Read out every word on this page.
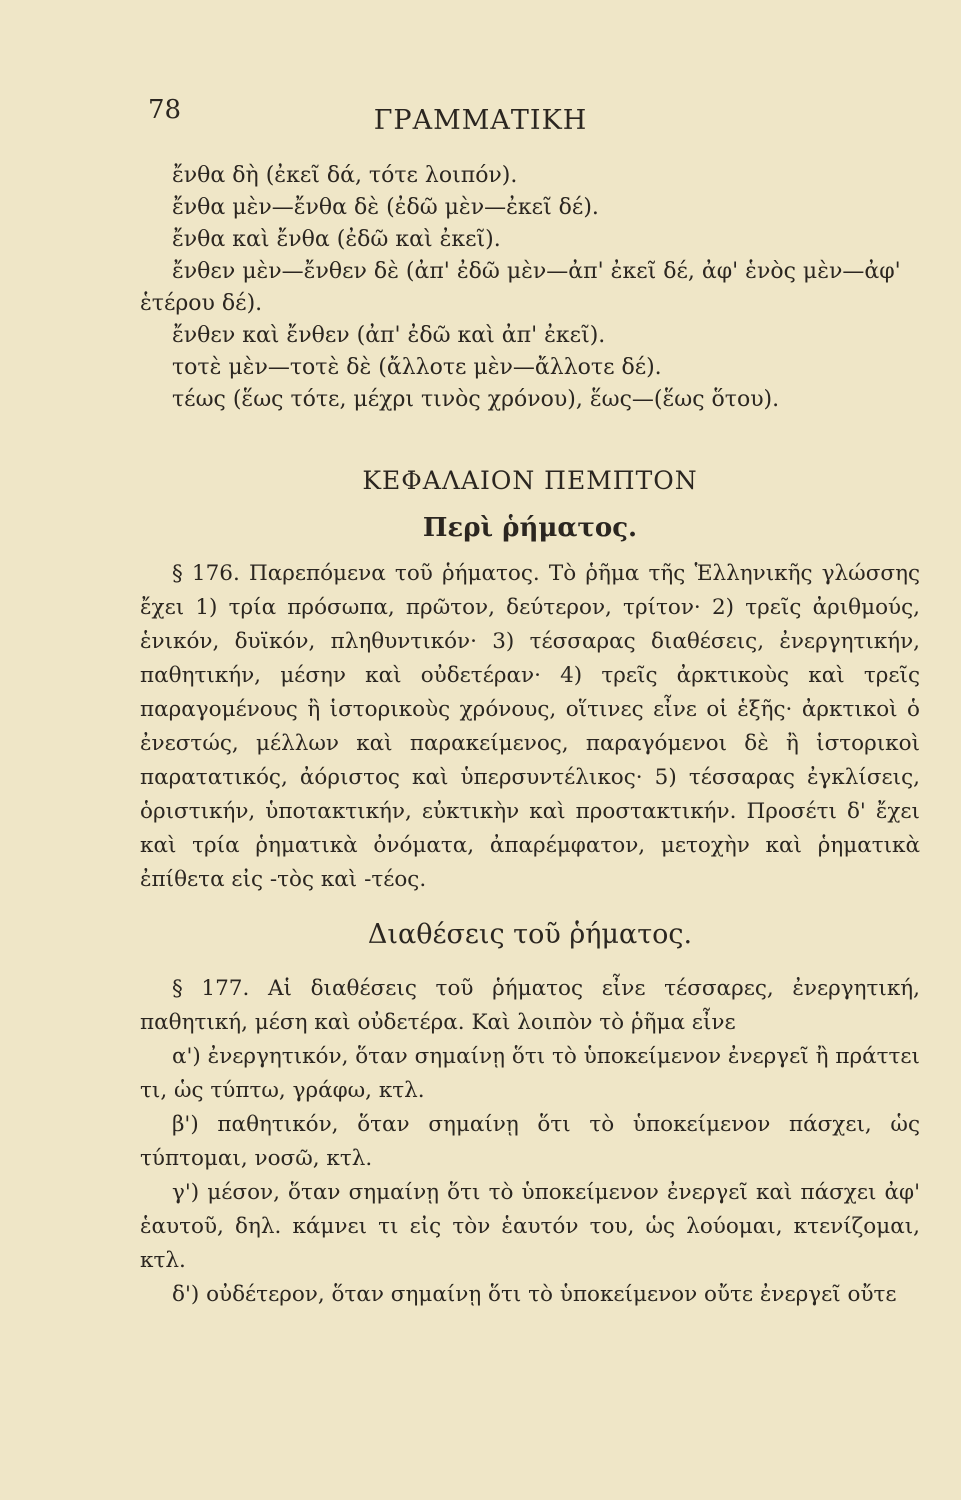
78	ΓΡΑΜΜΑΤΙΚΗ
ἔνθα δὴ (ἐκεῖ δά, τότε λοιπόν).
ἔνθα μὲν—ἔνθα δὲ (ἐδῶ μὲν—ἐκεῖ δέ).
ἔνθα καὶ ἔνθα (ἐδῶ καὶ ἐκεῖ).
ἔνθεν μὲν—ἔνθεν δὲ (ἀπ' ἐδῶ μὲν—ἀπ' ἐκεῖ δέ, ἀφ' ἑνὸς μὲν—ἀφ'
ἑτέρου δέ).
ἔνθεν καὶ ἔνθεν (ἀπ' ἐδῶ καὶ ἀπ' ἐκεῖ).
τοτὲ μὲν—τοτὲ δὲ (ἄλλοτε μὲν—ἄλλοτε δέ).
τέως (ἕως τότε, μέχρι τινὸς χρόνου), ἕως—(ἕως ὅτου).
ΚΕΦΑΛΑΙΟΝ ΠΕΜΠΤΟΝ
Περὶ ῥήματος.

§ 176. Παρεπόμενα τοῦ ῥήματος. Τὸ ῥῆμα τῆς Ἑλληνικῆς γλώσσης ἔχει 1) τρία πρόσωπα, πρῶτον, δεύτερον, τρίτον· 2) τρεῖς ἀριθμούς, ἑνικόν, δυϊκόν, πληθυντικόν· 3) τέσσαρας διαθέσεις, ἐνεργητικήν, παθητικήν, μέσην καὶ οὐδετέραν· 4) τρεῖς ἀρκτικοὺς καὶ τρεῖς παραγομένους ἢ ἱστορικοὺς χρόνους, οἵτινες εἶνε οἱ ἑξῆς· ἀρκτικοὶ ὁ ἐνεστώς, μέλλων καὶ παρακείμενος, παραγόμενοι δὲ ἢ ἱστορικοὶ παρατατικός, ἀόριστος καὶ ὑπερσυντέλικος· 5) τέσσαρας ἐγκλίσεις, ὁριστικήν, ὑποτακτικήν, εὐκτικὴν καὶ προστακτικήν. Προσέτι δ' ἔχει καὶ τρία ῥηματικὰ ὀνόματα, ἀπαρέμφατον, μετοχὴν καὶ ῥηματικὰ ἐπίθετα εἰς -τὸς καὶ -τέος.

Διαθέσεις τοῦ ῥήματος.

§ 177. Αἱ διαθέσεις τοῦ ῥήματος εἶνε τέσσαρες, ἐνεργητική, παθητική, μέση καὶ οὐδετέρα. Καὶ λοιπὸν τὸ ῥῆμα εἶνε

α') ἐνεργητικόν, ὅταν σημαίνῃ ὅτι τὸ ὑποκείμενον ἐνεργεῖ ἢ πράττει τι, ὡς τύπτω, γράφω, κτλ.

β') παθητικόν, ὅταν σημαίνῃ ὅτι τὸ ὑποκείμενον πάσχει, ὡς τύπτομαι, νοσῶ, κτλ.

γ') μέσον, ὅταν σημαίνῃ ὅτι τὸ ὑποκείμενον ἐνεργεῖ καὶ πάσχει ἀφ' ἑαυτοῦ, δηλ. κάμνει τι εἰς τὸν ἑαυτόν του, ὡς λούομαι, κτενίζομαι, κτλ.

δ') οὐδέτερον, ὅταν σημαίνῃ ὅτι τὸ ὑποκείμενον οὔτε ἐνεργεῖ οὔτε
